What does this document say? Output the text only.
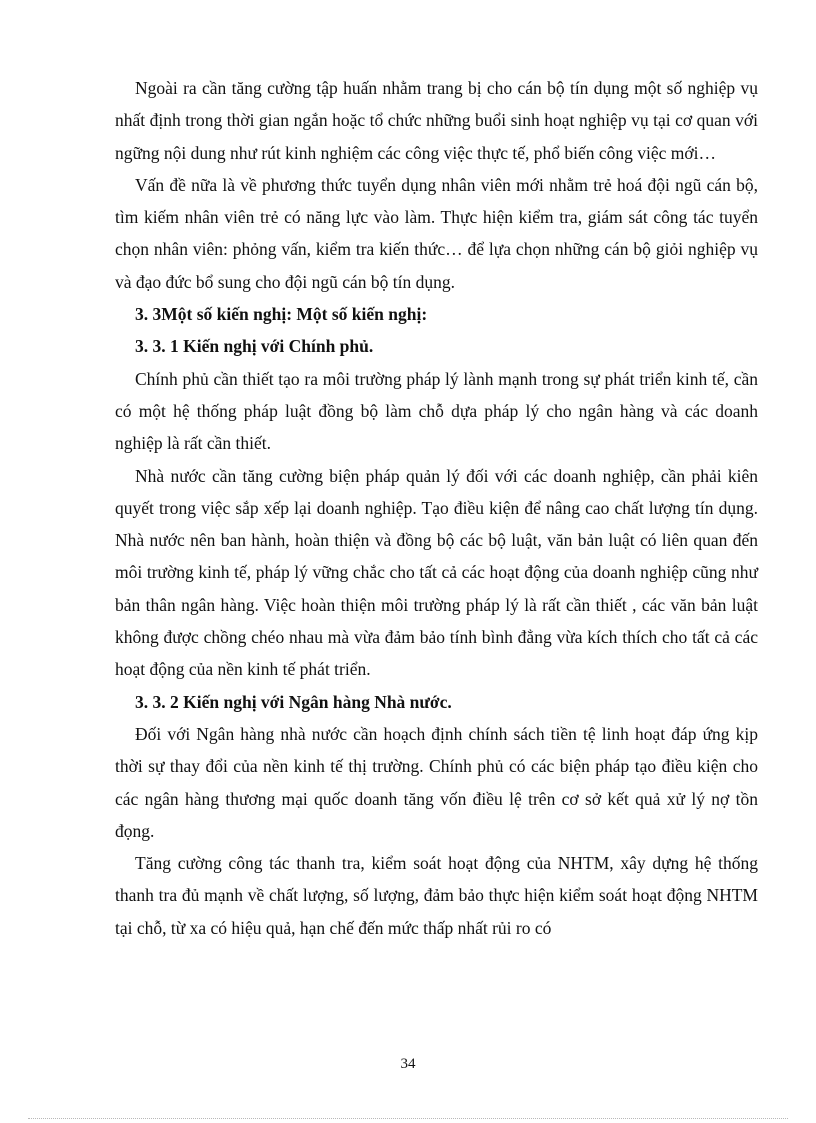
Ngoài ra cần tăng cường tập huấn nhằm trang bị cho cán bộ tín dụng một số nghiệp vụ nhất định trong thời gian ngắn hoặc tổ chức những buổi sinh hoạt nghiệp vụ tại cơ quan với ngững nội dung như rút kinh nghiệm các công việc thực tế, phổ biến công việc mới…

Vấn đề nữa là về phương thức tuyển dụng nhân viên mới nhằm trẻ hoá đội ngũ cán bộ, tìm kiếm nhân viên trẻ có năng lực vào làm. Thực hiện kiểm tra, giám sát công tác tuyển chọn nhân viên: phỏng vấn, kiểm tra kiến thức… để lựa chọn những cán bộ giỏi nghiệp vụ và đạo đức bổ sung cho đội ngũ cán bộ tín dụng.

3. 3Một số kiến nghị: Một số kiến nghị:

3. 3. 1 Kiến nghị với Chính phủ.

Chính phủ cần thiết tạo ra môi trường pháp lý lành mạnh trong sự phát triển kinh tế, cần có một hệ thống pháp luật đồng bộ làm chỗ dựa pháp lý cho ngân hàng và các doanh nghiệp là rất cần thiết.

Nhà nước cần tăng cường biện pháp quản lý đối với các doanh nghiệp, cần phải kiên quyết trong việc sắp xếp lại doanh nghiệp. Tạo điều kiện để nâng cao chất lượng tín dụng. Nhà nước nên ban hành, hoàn thiện và đồng bộ các bộ luật, văn bản luật có liên quan đến môi trường kinh tế, pháp lý vững chắc cho tất cả các hoạt động của doanh nghiệp cũng như bản thân ngân hàng. Việc hoàn thiện môi trường pháp lý là rất cần thiết , các văn bản luật không được chồng chéo nhau mà vừa đảm bảo tính bình đẳng vừa kích thích cho tất cả các hoạt động của nền kinh tế phát triển.

3. 3. 2 Kiến nghị với Ngân hàng Nhà nước.

Đối với Ngân hàng nhà nước cần hoạch định chính sách tiền tệ linh hoạt đáp ứng kịp thời sự thay đổi của nền kinh tế thị trường. Chính phủ có các biện pháp tạo điều kiện cho các ngân hàng thương mại quốc doanh tăng vốn điều lệ trên cơ sở kết quả xử lý nợ tồn đọng.

Tăng cường công tác thanh tra, kiểm soát hoạt động của NHTM, xây dựng hệ thống thanh tra đủ mạnh về chất lượng, số lượng, đảm bảo thực hiện kiểm soát hoạt động NHTM tại chỗ, từ xa có hiệu quả, hạn chế đến mức thấp nhất rủi ro có

34
